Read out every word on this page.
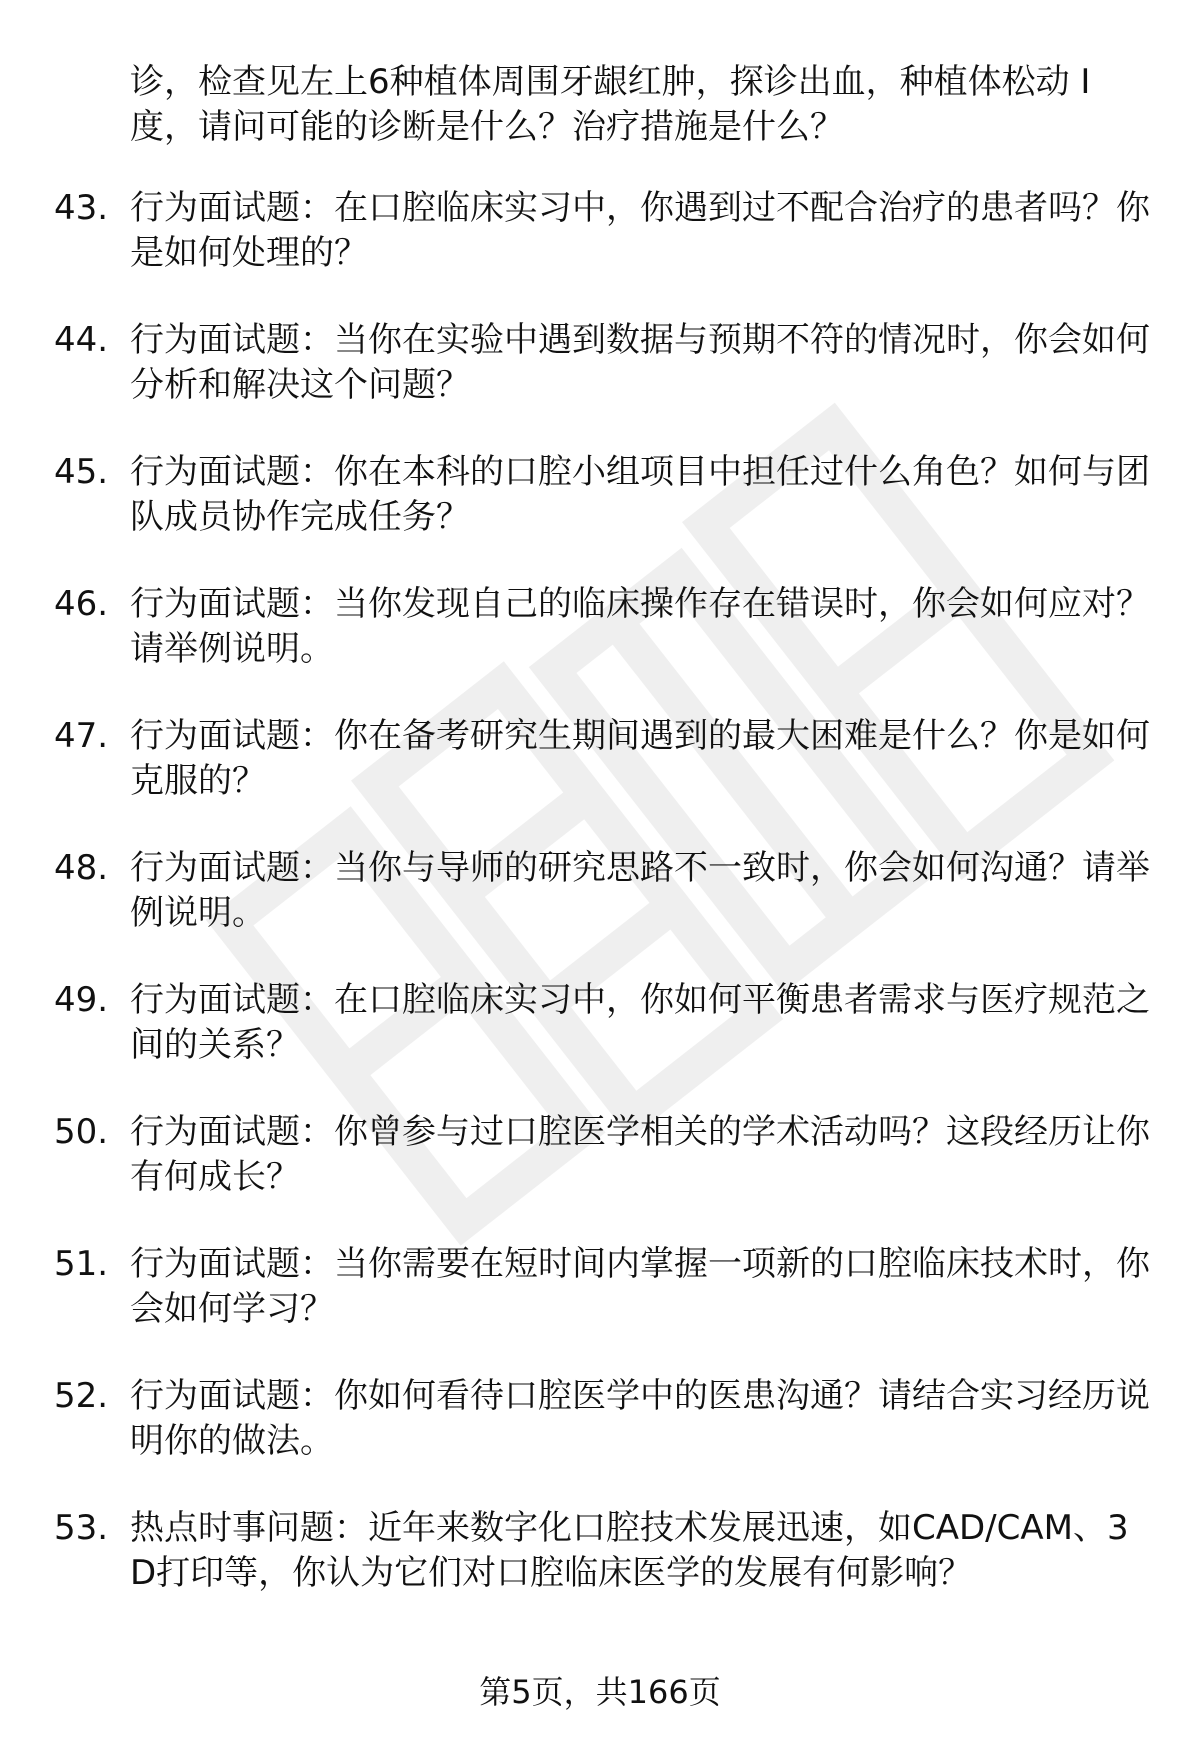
诊，检查见左上6种植体周围牙龈红肿，探诊出血，种植体松动 I 度，请问可能的诊断是什么？治疗措施是什么？
43. 行为面试题：在口腔临床实习中，你遇到过不配合治疗的患者吗？你是如何处理的？
44. 行为面试题：当你在实验中遇到数据与预期不符的情况时，你会如何分析和解决这个问题？
45. 行为面试题：你在本科的口腔小组项目中担任过什么角色？如何与团队成员协作完成任务？
46. 行为面试题：当你发现自己的临床操作存在错误时，你会如何应对？请举例说明。
47. 行为面试题：你在备考研究生期间遇到的最大困难是什么？你是如何克服的？
48. 行为面试题：当你与导师的研究思路不一致时，你会如何沟通？请举例说明。
49. 行为面试题：在口腔临床实习中，你如何平衡患者需求与医疗规范之间的关系？
50. 行为面试题：你曾参与过口腔医学相关的学术活动吗？这段经历让你有何成长？
51. 行为面试题：当你需要在短时间内掌握一项新的口腔临床技术时，你会如何学习？
52. 行为面试题：你如何看待口腔医学中的医患沟通？请结合实习经历说明你的做法。
53. 热点时事问题：近年来数字化口腔技术发展迅速，如CAD/CAM、3D打印等，你认为它们对口腔临床医学的发展有何影响？
第5页，共166页
